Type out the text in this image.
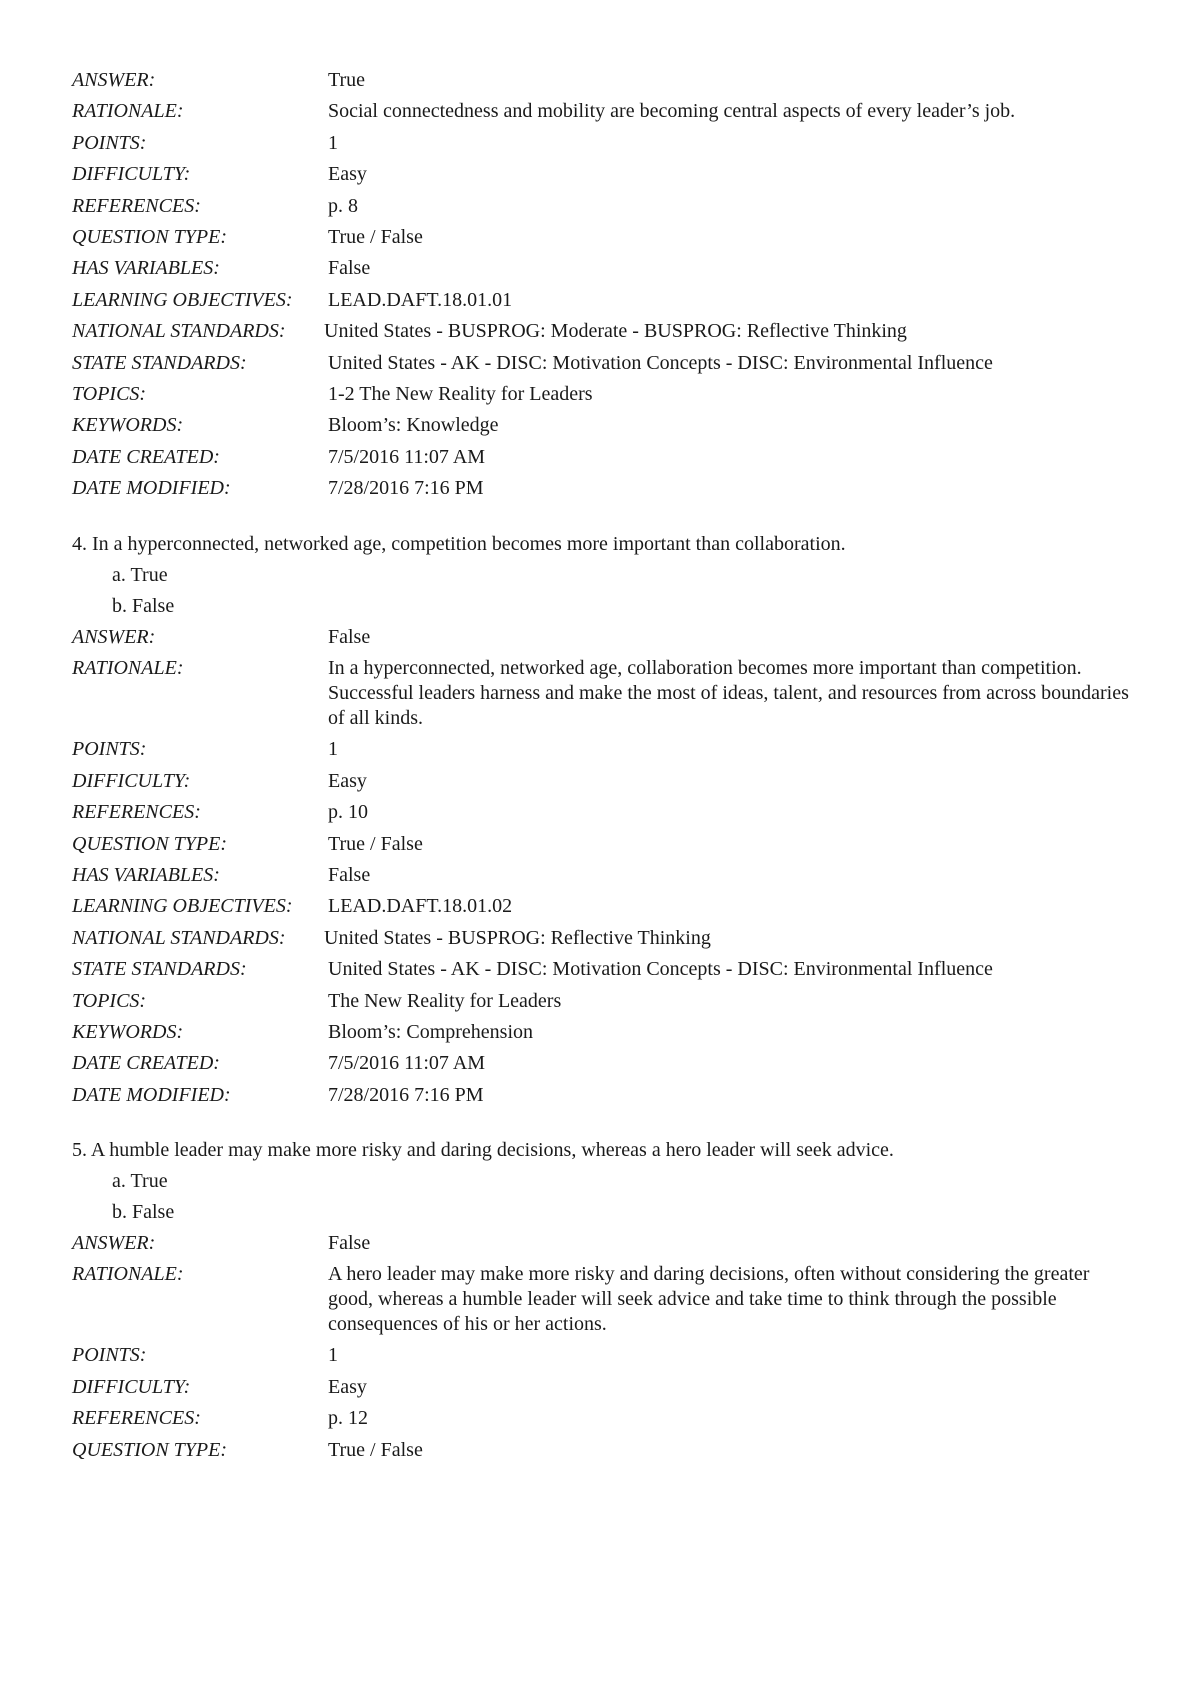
ANSWER:	True
RATIONALE:	Social connectedness and mobility are becoming central aspects of every leader’s job.
POINTS:	1
DIFFICULTY:	Easy
REFERENCES:	p. 8
QUESTION TYPE:	True / False
HAS VARIABLES:	False
LEARNING OBJECTIVES:	LEAD.DAFT.18.01.01
NATIONAL STANDARDS:	United States - BUSPROG: Moderate - BUSPROG: Reflective Thinking
STATE STANDARDS:	United States - AK - DISC: Motivation Concepts - DISC: Environmental Influence
TOPICS:	1-2 The New Reality for Leaders
KEYWORDS:	Bloom’s: Knowledge
DATE CREATED:	7/5/2016 11:07 AM
DATE MODIFIED:	7/28/2016 7:16 PM
4. In a hyperconnected, networked age, competition becomes more important than collaboration.
a. True
b. False
ANSWER:	False
RATIONALE:	In a hyperconnected, networked age, collaboration becomes more important than competition. Successful leaders harness and make the most of ideas, talent, and resources from across boundaries of all kinds.
POINTS:	1
DIFFICULTY:	Easy
REFERENCES:	p. 10
QUESTION TYPE:	True / False
HAS VARIABLES:	False
LEARNING OBJECTIVES:	LEAD.DAFT.18.01.02
NATIONAL STANDARDS:	United States - BUSPROG: Reflective Thinking
STATE STANDARDS:	United States - AK - DISC: Motivation Concepts - DISC: Environmental Influence
TOPICS:	The New Reality for Leaders
KEYWORDS:	Bloom’s: Comprehension
DATE CREATED:	7/5/2016 11:07 AM
DATE MODIFIED:	7/28/2016 7:16 PM
5. A humble leader may make more risky and daring decisions, whereas a hero leader will seek advice.
a. True
b. False
ANSWER:	False
RATIONALE:	A hero leader may make more risky and daring decisions, often without considering the greater good, whereas a humble leader will seek advice and take time to think through the possible consequences of his or her actions.
POINTS:	1
DIFFICULTY:	Easy
REFERENCES:	p. 12
QUESTION TYPE:	True / False
